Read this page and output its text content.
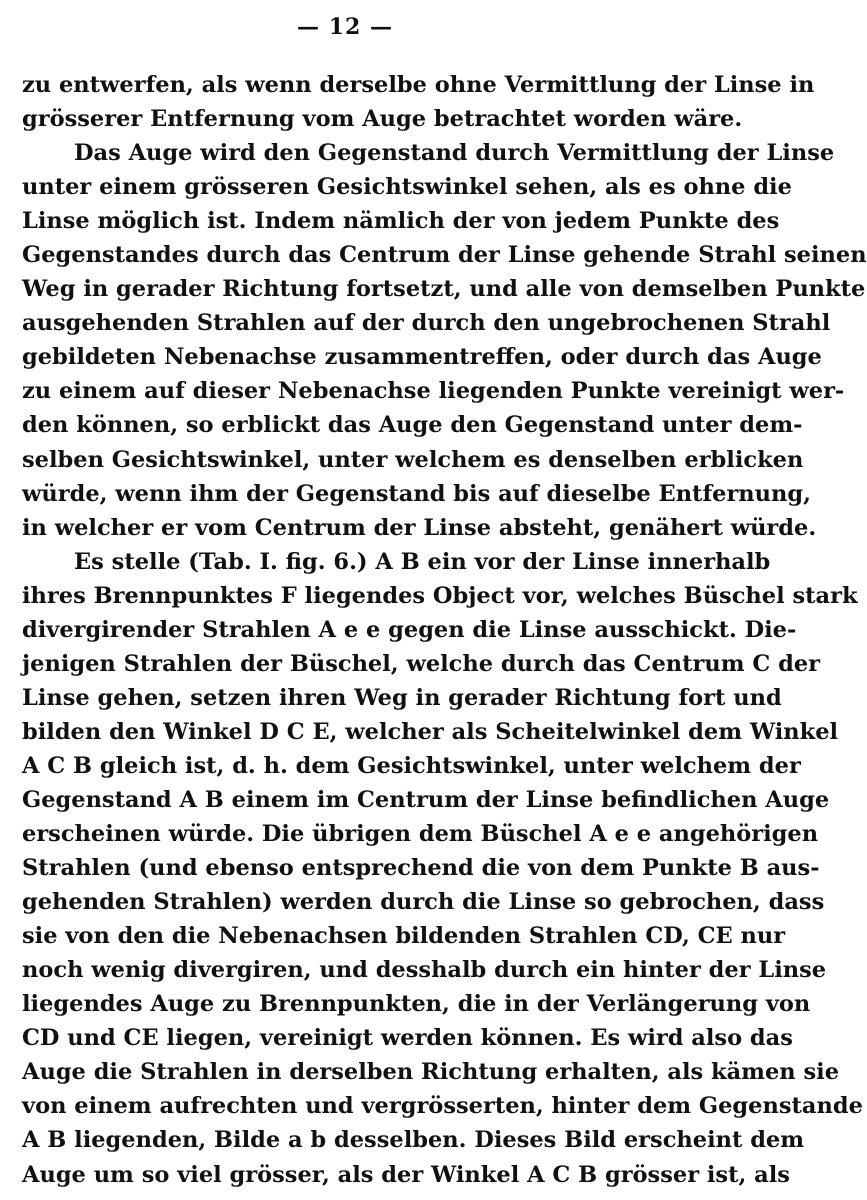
— 12 —
zu entwerfen, als wenn derselbe ohne Vermittlung der Linse in
grösserer Entfernung vom Auge betrachtet worden wäre.
Das Auge wird den Gegenstand durch Vermittlung der Linse
unter einem grösseren Gesichtswinkel sehen, als es ohne die
Linse möglich ist. Indem nämlich der von jedem Punkte des
Gegenstandes durch das Centrum der Linse gehende Strahl seinen
Weg in gerader Richtung fortsetzt, und alle von demselben Punkte
ausgehenden Strahlen auf der durch den ungebrochenen Strahl
gebildeten Nebenachse zusammentreffen, oder durch das Auge
zu einem auf dieser Nebenachse liegenden Punkte vereinigt wer-
den können, so erblickt das Auge den Gegenstand unter dem-
selben Gesichtswinkel, unter welchem es denselben erblicken
würde, wenn ihm der Gegenstand bis auf dieselbe Entfernung,
in welcher er vom Centrum der Linse absteht, genähert würde.
Es stelle (Tab. I. fig. 6.) A B ein vor der Linse innerhalb
ihres Brennpunktes F liegendes Object vor, welches Büschel stark
divergirender Strahlen A e e gegen die Linse ausschickt. Die-
jenigen Strahlen der Büschel, welche durch das Centrum C der
Linse gehen, setzen ihren Weg in gerader Richtung fort und
bilden den Winkel D C E, welcher als Scheitelwinkel dem Winkel
A C B gleich ist, d. h. dem Gesichtswinkel, unter welchem der
Gegenstand A B einem im Centrum der Linse befindlichen Auge
erscheinen würde. Die übrigen dem Büschel A e e angehörigen
Strahlen (und ebenso entsprechend die von dem Punkte B aus-
gehenden Strahlen) werden durch die Linse so gebrochen, dass
sie von den die Nebenachsen bildenden Strahlen CD, CE nur
noch wenig divergiren, und desshalb durch ein hinter der Linse
liegendes Auge zu Brennpunkten, die in der Verlängerung von
CD und CE liegen, vereinigt werden können. Es wird also das
Auge die Strahlen in derselben Richtung erhalten, als kämen sie
von einem aufrechten und vergrösserten, hinter dem Gegenstande
A B liegenden, Bilde a b desselben. Dieses Bild erscheint dem
Auge um so viel grösser, als der Winkel A C B grösser ist, als
